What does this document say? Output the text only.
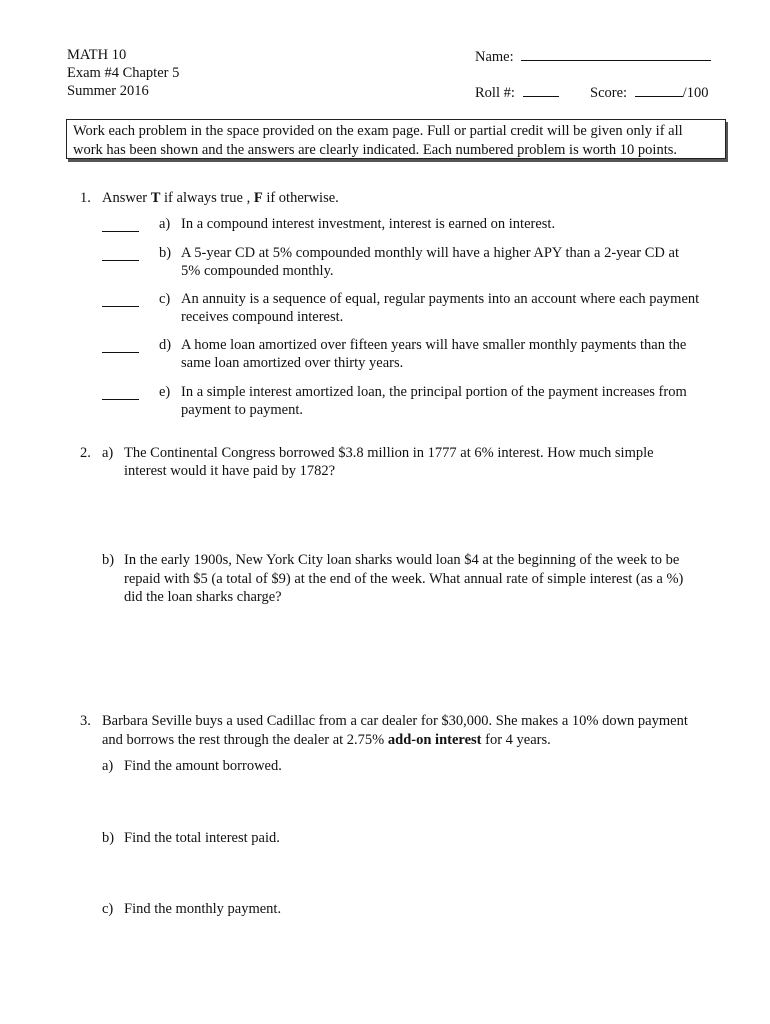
MATH 10
Exam #4 Chapter 5
Summer 2016
Name:
Roll #:	Score:	/100
Work each problem in the space provided on the exam page. Full or partial credit will be given only if all
work has been shown and the answers are clearly indicated. Each numbered problem is worth 10 points.
1. Answer T if always true , F if otherwise.
a) In a compound interest investment, interest is earned on interest.
b) A 5-year CD at 5% compounded monthly will have a higher APY than a 2-year CD at
5% compounded monthly.
c) An annuity is a sequence of equal, regular payments into an account where each payment
receives compound interest.
d) A home loan amortized over fifteen years will have smaller monthly payments than the
same loan amortized over thirty years.
e) In a simple interest amortized loan, the principal portion of the payment increases from
payment to payment.
2. a) The Continental Congress borrowed $3.8 million in 1777 at 6% interest. How much simple
interest would it have paid by 1782?
b) In the early 1900s, New York City loan sharks would loan $4 at the beginning of the week to be
repaid with $5 (a total of $9) at the end of the week. What annual rate of simple interest (as a %)
did the loan sharks charge?
3. Barbara Seville buys a used Cadillac from a car dealer for $30,000. She makes a 10% down payment
and borrows the rest through the dealer at 2.75% add-on interest for 4 years.
a) Find the amount borrowed.
b) Find the total interest paid.
c) Find the monthly payment.
